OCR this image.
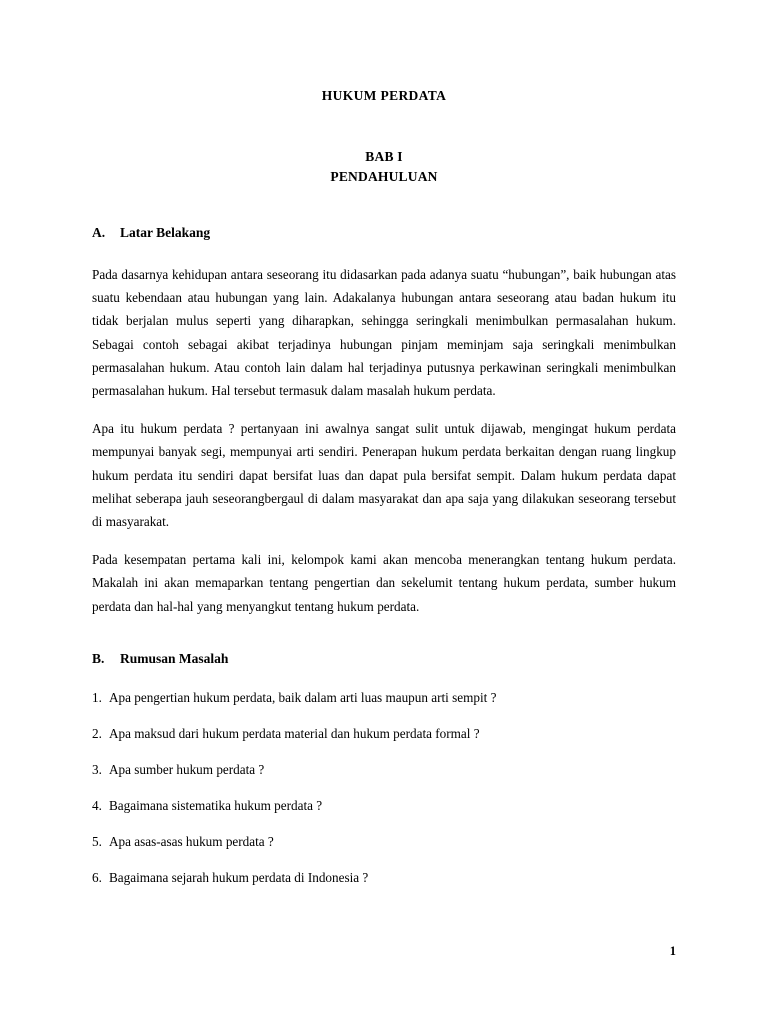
HUKUM PERDATA
BAB I
PENDAHULUAN
A.	Latar Belakang

Pada dasarnya kehidupan antara seseorang itu didasarkan pada adanya suatu “hubungan”, baik hubungan atas suatu kebendaan atau hubungan yang lain. Adakalanya hubungan antara seseorang atau badan hukum itu tidak berjalan mulus seperti yang diharapkan, sehingga seringkali menimbulkan permasalahan hukum. Sebagai contoh sebagai akibat terjadinya hubungan pinjam meminjam saja seringkali menimbulkan permasalahan hukum. Atau contoh lain dalam hal terjadinya putusnya perkawinan seringkali menimbulkan permasalahan hukum. Hal tersebut termasuk dalam masalah hukum perdata.

Apa itu hukum perdata ? pertanyaan ini awalnya sangat sulit untuk dijawab, mengingat hukum perdata mempunyai banyak segi, mempunyai arti sendiri. Penerapan hukum perdata berkaitan dengan ruang lingkup hukum perdata itu sendiri dapat bersifat luas dan dapat pula bersifat sempit. Dalam hukum perdata dapat melihat seberapa jauh seseorangbergaul di dalam masyarakat dan apa saja yang dilakukan seseorang tersebut di masyarakat.

Pada kesempatan pertama kali ini, kelompok kami akan mencoba menerangkan tentang hukum perdata. Makalah ini akan memaparkan tentang pengertian dan sekelumit tentang hukum perdata, sumber hukum perdata dan hal-hal yang menyangkut tentang hukum perdata.

B.	Rumusan Masalah
1. Apa pengertian hukum perdata, baik dalam arti luas maupun arti sempit ?
2. Apa maksud dari hukum perdata material dan hukum perdata formal ?
3. Apa sumber hukum perdata ?
4. Bagaimana sistematika hukum perdata ?
5. Apa asas-asas hukum perdata ?
6. Bagaimana sejarah hukum perdata di Indonesia ?
1
